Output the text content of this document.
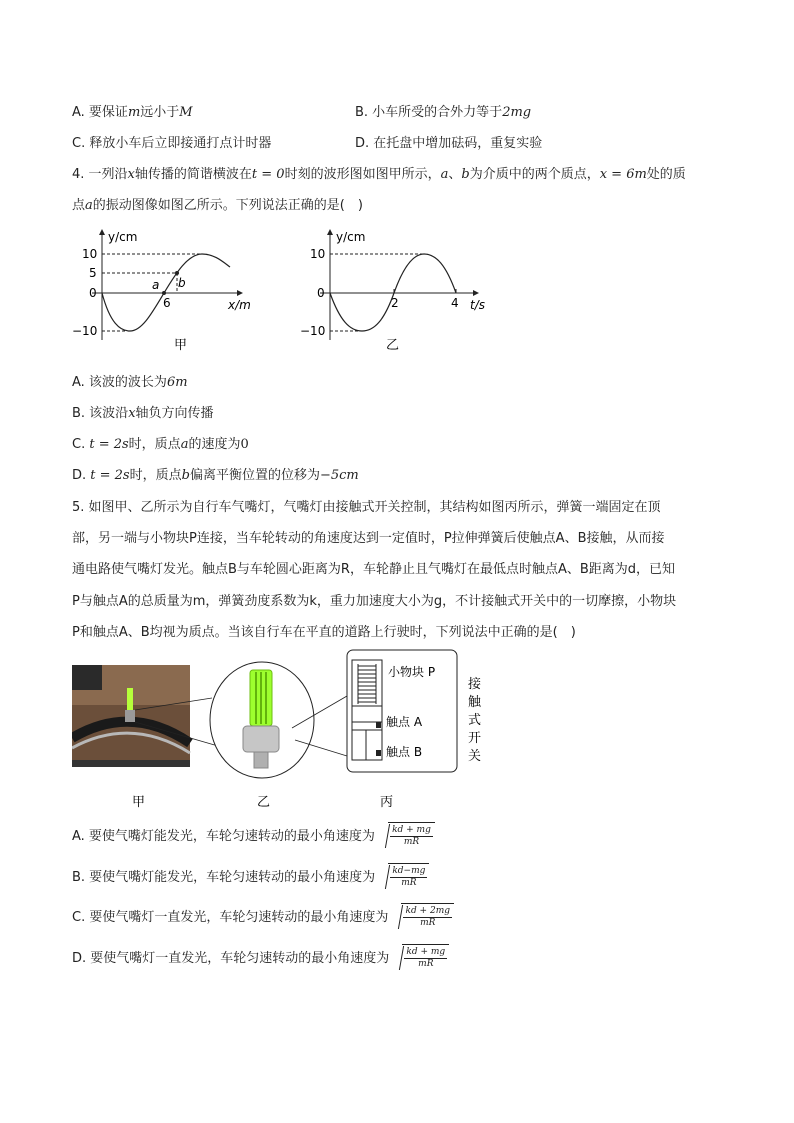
A. 要保证m远小于M	B. 小车所受的合外力等于2mg
C. 释放小车后立即接通打点计时器	D. 在托盘中增加砝码，重复实验
4. 一列沿x轴传播的简谐横波在t = 0时刻的波形图如图甲所示，a、b为介质中的两个质点，x = 6m处的质
点a的振动图像如图乙所示。下列说法正确的是(　)
y/cm
x/m
10
5
0
−10
a b
6
甲
y/cm
t/s
10
0
−10
2	4
乙
A. 该波的波长为6m
B. 该波沿x轴负方向传播
C. t = 2s时，质点a的速度为0
D. t = 2s时，质点b偏离平衡位置的位移为−5cm
5. 如图甲、乙所示为自行车气嘴灯，气嘴灯由接触式开关控制，其结构如图丙所示，弹簧一端固定在顶
部，另一端与小物块P连接，当车轮转动的角速度达到一定值时，P拉伸弹簧后使触点A、B接触，从而接
通电路使气嘴灯发光。触点B与车轮圆心距离为R，车轮静止且气嘴灯在最低点时触点A、B距离为d，已知
P与触点A的总质量为m，弹簧劲度系数为k，重力加速度大小为g，不计接触式开关中的一切摩擦，小物块
P和触点A、B均视为质点。当该自行车在平直的道路上行驶时，下列说法中正确的是(　)
小物块 P
触点 A
触点 B
接
触
式
开
关
甲	乙	丙
A. 要使气嘴灯能发光，车轮匀速转动的最小角速度为 $\frac{kd + mg}{mR}$
B. 要使气嘴灯能发光，车轮匀速转动的最小角速度为 $\frac{kd-mg}{mR}$
C. 要使气嘴灯一直发光，车轮匀速转动的最小角速度为 $\frac{kd + 2mg}{mR}$
D. 要使气嘴灯一直发光，车轮匀速转动的最小角速度为 $\frac{kd + mg}{mR}$
